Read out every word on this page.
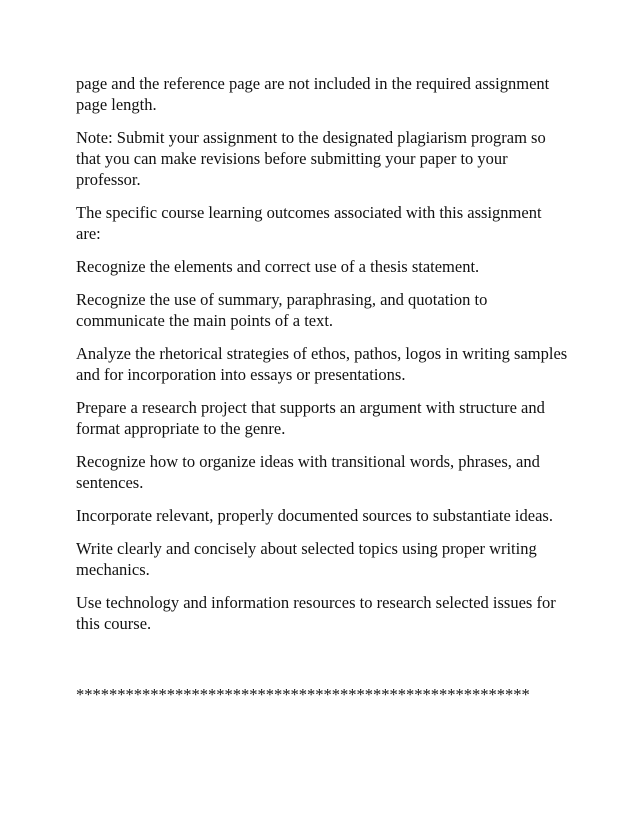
page and the reference page are not included in the required assignment page length.

Note: Submit your assignment to the designated plagiarism program so that you can make revisions before submitting your paper to your professor.

The specific course learning outcomes associated with this assignment are:

Recognize the elements and correct use of a thesis statement.

Recognize the use of summary, paraphrasing, and quotation to communicate the main points of a text.

Analyze the rhetorical strategies of ethos, pathos, logos in writing samples and for incorporation into essays or presentations.

Prepare a research project that supports an argument with structure and format appropriate to the genre.

Recognize how to organize ideas with transitional words, phrases, and sentences.

Incorporate relevant, properly documented sources to substantiate ideas.

Write clearly and concisely about selected topics using proper writing mechanics.

Use technology and information resources to research selected issues for this course.

*******************************************************
